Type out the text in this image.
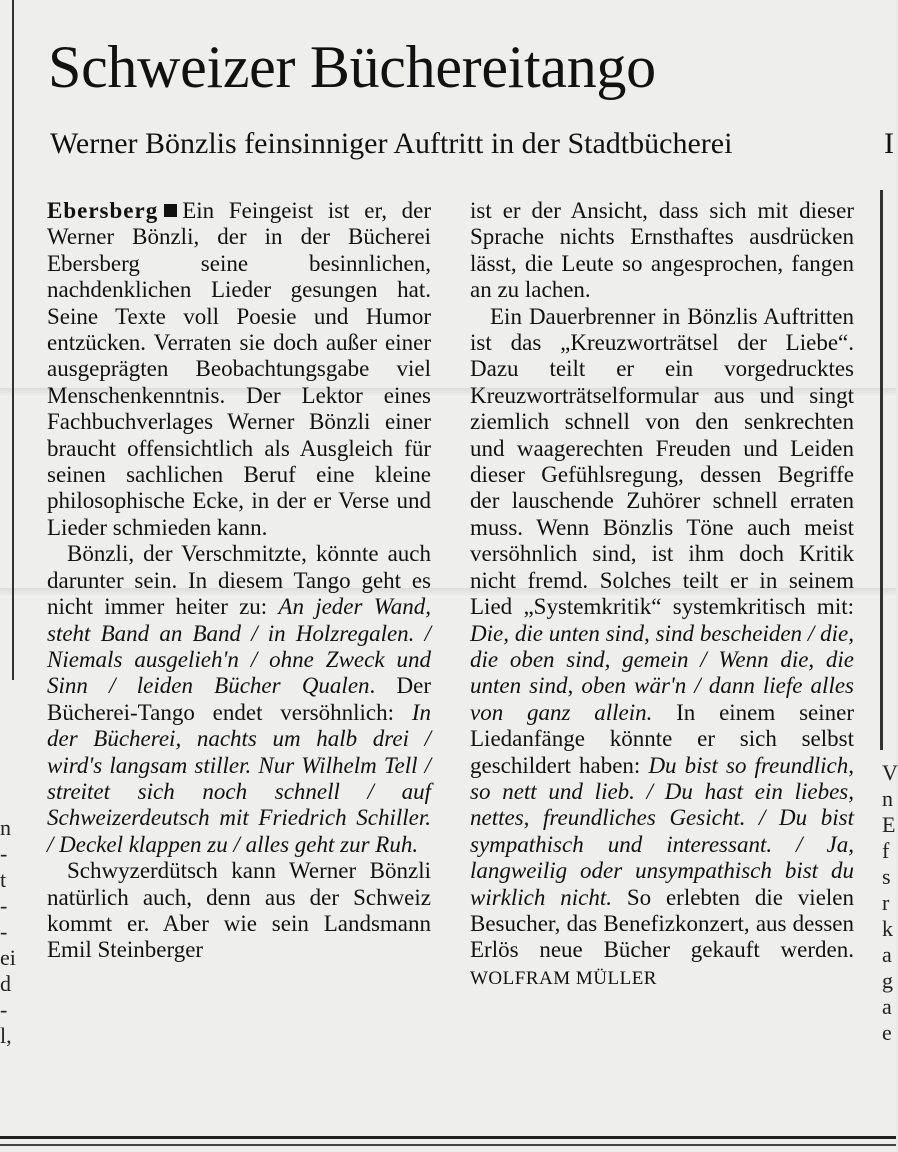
Schweizer Büchereitango
Werner Bönzlis feinsinniger Auftritt in der Stadtbücherei	I

Ebersberg Ein Feingeist ist er, der Werner Bönzli, der in der Bücherei Ebersberg seine besinnlichen, nachdenklichen Lieder gesungen hat. Seine Texte voll Poesie und Humor entzücken. Verraten sie doch außer einer ausgeprägten Beobachtungsgabe viel Menschenkenntnis. Der Lektor eines Fachbuchverlages Werner Bönzli einer braucht offensichtlich als Ausgleich für seinen sachlichen Beruf eine kleine philosophische Ecke, in der er Verse und Lieder schmieden kann.

Bönzli, der Verschmitzte, könnte auch darunter sein. In diesem Tango geht es nicht immer heiter zu: An jeder Wand, steht Band an Band / in Holzregalen. / Niemals ausgelieh'n / ohne Zweck und Sinn / leiden Bücher Qualen. Der Bücherei-Tango endet versöhnlich: In der Bücherei, nachts um halb drei / wird's langsam stiller. Nur Wilhelm Tell / streitet sich noch schnell / auf Schweizerdeutsch mit Friedrich Schiller. / Deckel klappen zu / alles geht zur Ruh.

Schwyzerdütsch kann Werner Bönzli natürlich auch, denn aus der Schweiz kommt er. Aber wie sein Landsmann Emil Steinberger

ist er der Ansicht, dass sich mit dieser Sprache nichts Ernsthaftes ausdrücken lässt, die Leute so angesprochen, fangen an zu lachen.

Ein Dauerbrenner in Bönzlis Auftritten ist das „Kreuzworträtsel der Liebe“. Dazu teilt er ein vorgedrucktes Kreuzworträtselformular aus und singt ziemlich schnell von den senkrechten und waagerechten Freuden und Leiden dieser Gefühlsregung, dessen Begriffe der lauschende Zuhörer schnell erraten muss. Wenn Bönzlis Töne auch meist versöhnlich sind, ist ihm doch Kritik nicht fremd. Solches teilt er in seinem Lied „Systemkritik“ systemkritisch mit: Die, die unten sind, sind bescheiden / die, die oben sind, gemein / Wenn die, die unten sind, oben wär'n / dann liefe alles von ganz allein. In einem seiner Liedanfänge könnte er sich selbst geschildert haben: Du bist so freundlich, so nett und lieb. / Du hast ein liebes, nettes, freundliches Gesicht. / Du bist sympathisch und interessant. / Ja, langweilig oder unsympathisch bist du wirklich nicht. So erlebten die vielen Besucher, das Benefizkonzert, aus dessen Erlös neue Bücher gekauft werden. WOLFRAM MÜLLER

n - t - - ei d - l,
V n E f s r k a g a e
